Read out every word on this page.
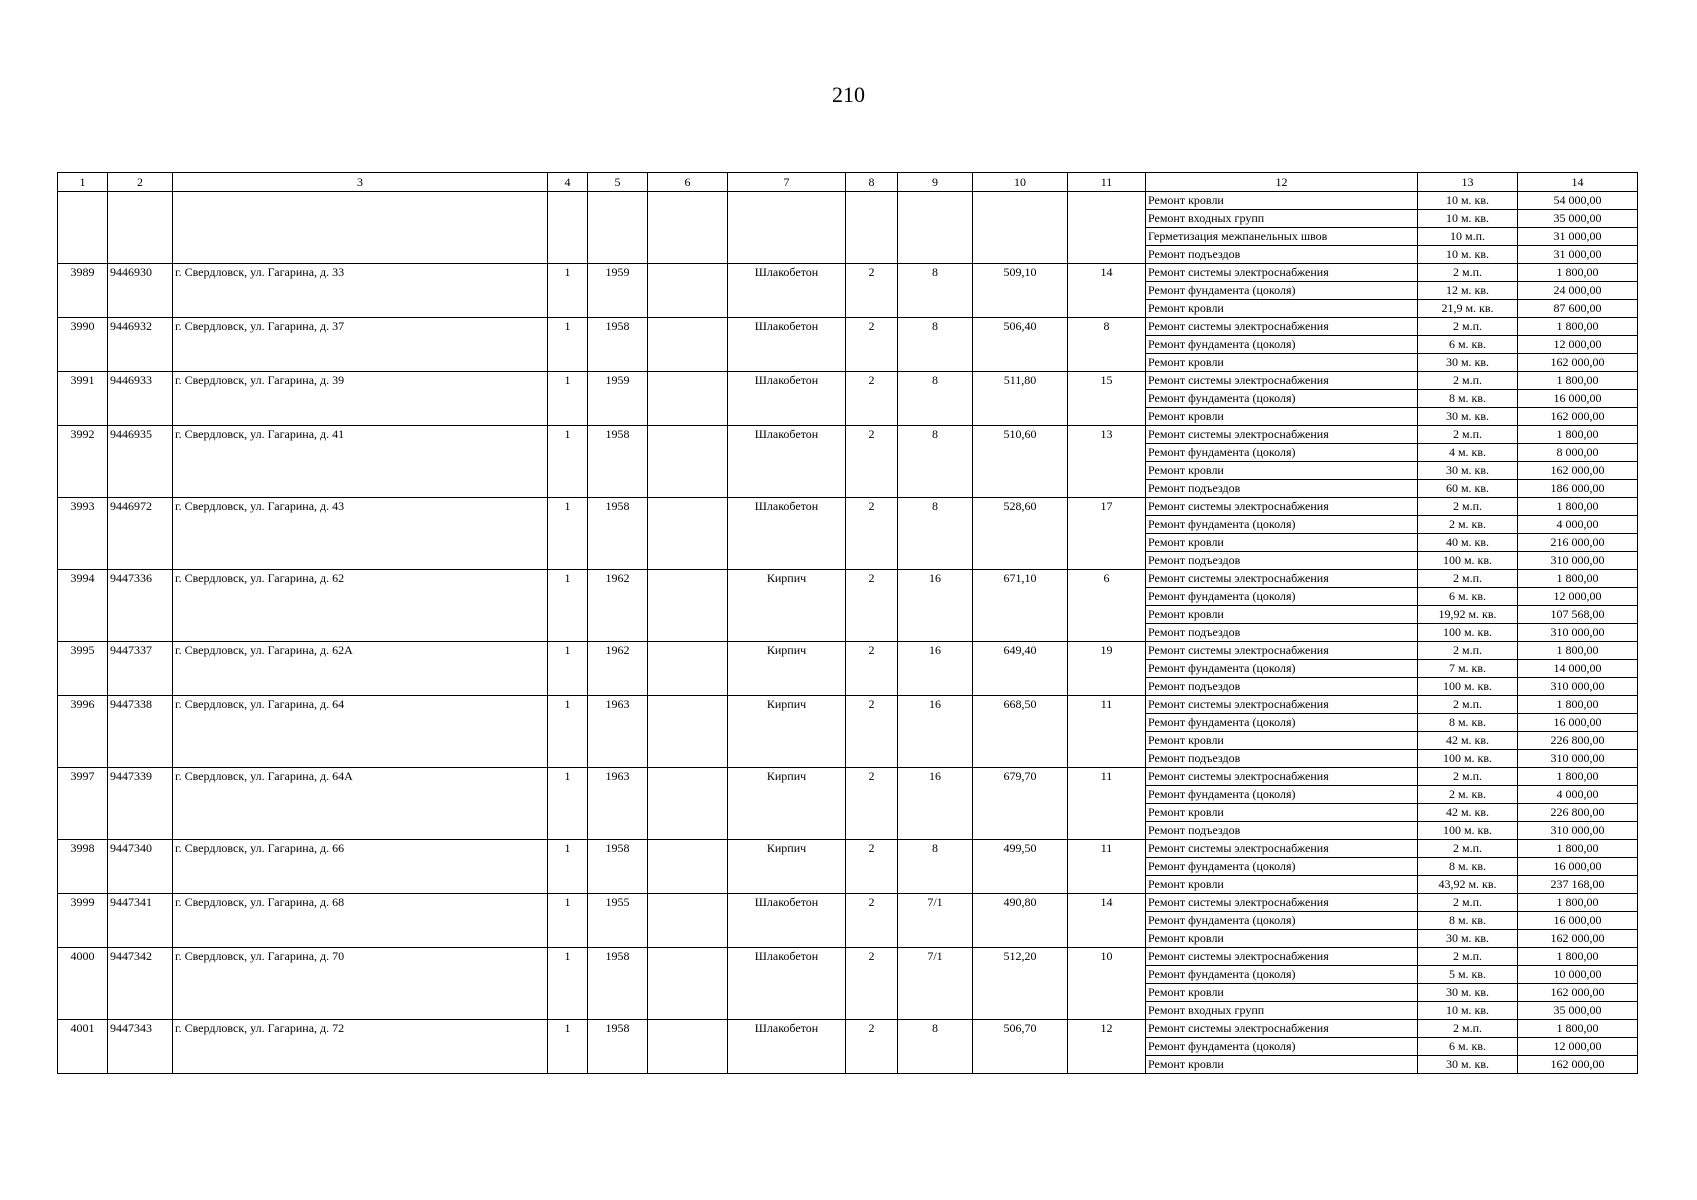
210
1	2	3	4	5	6	7	8	9	10	11	12	13	14
											Ремонт кровли	10 м. кв.	54 000,00
											Ремонт входных групп	10 м. кв.	35 000,00
											Герметизация межпанельных швов	10 м.п.	31 000,00
											Ремонт подъездов	10 м. кв.	31 000,00
3989	9446930	г. Свердловск, ул. Гагарина, д. 33	1	1959		Шлакобетон	2	8	509,10	14	Ремонт системы электроснабжения	2 м.п.	1 800,00
											Ремонт фундамента (цоколя)	12 м. кв.	24 000,00
											Ремонт кровли	21,9 м. кв.	87 600,00
3990	9446932	г. Свердловск, ул. Гагарина, д. 37	1	1958		Шлакобетон	2	8	506,40	8	Ремонт системы электроснабжения	2 м.п.	1 800,00
											Ремонт фундамента (цоколя)	6 м. кв.	12 000,00
											Ремонт кровли	30 м. кв.	162 000,00
3991	9446933	г. Свердловск, ул. Гагарина, д. 39	1	1959		Шлакобетон	2	8	511,80	15	Ремонт системы электроснабжения	2 м.п.	1 800,00
											Ремонт фундамента (цоколя)	8 м. кв.	16 000,00
											Ремонт кровли	30 м. кв.	162 000,00
3992	9446935	г. Свердловск, ул. Гагарина, д. 41	1	1958		Шлакобетон	2	8	510,60	13	Ремонт системы электроснабжения	2 м.п.	1 800,00
											Ремонт фундамента (цоколя)	4 м. кв.	8 000,00
											Ремонт кровли	30 м. кв.	162 000,00
											Ремонт подъездов	60 м. кв.	186 000,00
3993	9446972	г. Свердловск, ул. Гагарина, д. 43	1	1958		Шлакобетон	2	8	528,60	17	Ремонт системы электроснабжения	2 м.п.	1 800,00
											Ремонт фундамента (цоколя)	2 м. кв.	4 000,00
											Ремонт кровли	40 м. кв.	216 000,00
											Ремонт подъездов	100 м. кв.	310 000,00
3994	9447336	г. Свердловск, ул. Гагарина, д. 62	1	1962		Кирпич	2	16	671,10	6	Ремонт системы электроснабжения	2 м.п.	1 800,00
											Ремонт фундамента (цоколя)	6 м. кв.	12 000,00
											Ремонт кровли	19,92 м. кв.	107 568,00
											Ремонт подъездов	100 м. кв.	310 000,00
3995	9447337	г. Свердловск, ул. Гагарина, д. 62А	1	1962		Кирпич	2	16	649,40	19	Ремонт системы электроснабжения	2 м.п.	1 800,00
											Ремонт фундамента (цоколя)	7 м. кв.	14 000,00
											Ремонт подъездов	100 м. кв.	310 000,00
3996	9447338	г. Свердловск, ул. Гагарина, д. 64	1	1963		Кирпич	2	16	668,50	11	Ремонт системы электроснабжения	2 м.п.	1 800,00
											Ремонт фундамента (цоколя)	8 м. кв.	16 000,00
											Ремонт кровли	42 м. кв.	226 800,00
											Ремонт подъездов	100 м. кв.	310 000,00
3997	9447339	г. Свердловск, ул. Гагарина, д. 64А	1	1963		Кирпич	2	16	679,70	11	Ремонт системы электроснабжения	2 м.п.	1 800,00
											Ремонт фундамента (цоколя)	2 м. кв.	4 000,00
											Ремонт кровли	42 м. кв.	226 800,00
											Ремонт подъездов	100 м. кв.	310 000,00
3998	9447340	г. Свердловск, ул. Гагарина, д. 66	1	1958		Кирпич	2	8	499,50	11	Ремонт системы электроснабжения	2 м.п.	1 800,00
											Ремонт фундамента (цоколя)	8 м. кв.	16 000,00
											Ремонт кровли	43,92 м. кв.	237 168,00
3999	9447341	г. Свердловск, ул. Гагарина, д. 68	1	1955		Шлакобетон	2	7/1	490,80	14	Ремонт системы электроснабжения	2 м.п.	1 800,00
											Ремонт фундамента (цоколя)	8 м. кв.	16 000,00
											Ремонт кровли	30 м. кв.	162 000,00
4000	9447342	г. Свердловск, ул. Гагарина, д. 70	1	1958		Шлакобетон	2	7/1	512,20	10	Ремонт системы электроснабжения	2 м.п.	1 800,00
											Ремонт фундамента (цоколя)	5 м. кв.	10 000,00
											Ремонт кровли	30 м. кв.	162 000,00
											Ремонт входных групп	10 м. кв.	35 000,00
4001	9447343	г. Свердловск, ул. Гагарина, д. 72	1	1958		Шлакобетон	2	8	506,70	12	Ремонт системы электроснабжения	2 м.п.	1 800,00
											Ремонт фундамента (цоколя)	6 м. кв.	12 000,00
											Ремонт кровли	30 м. кв.	162 000,00
